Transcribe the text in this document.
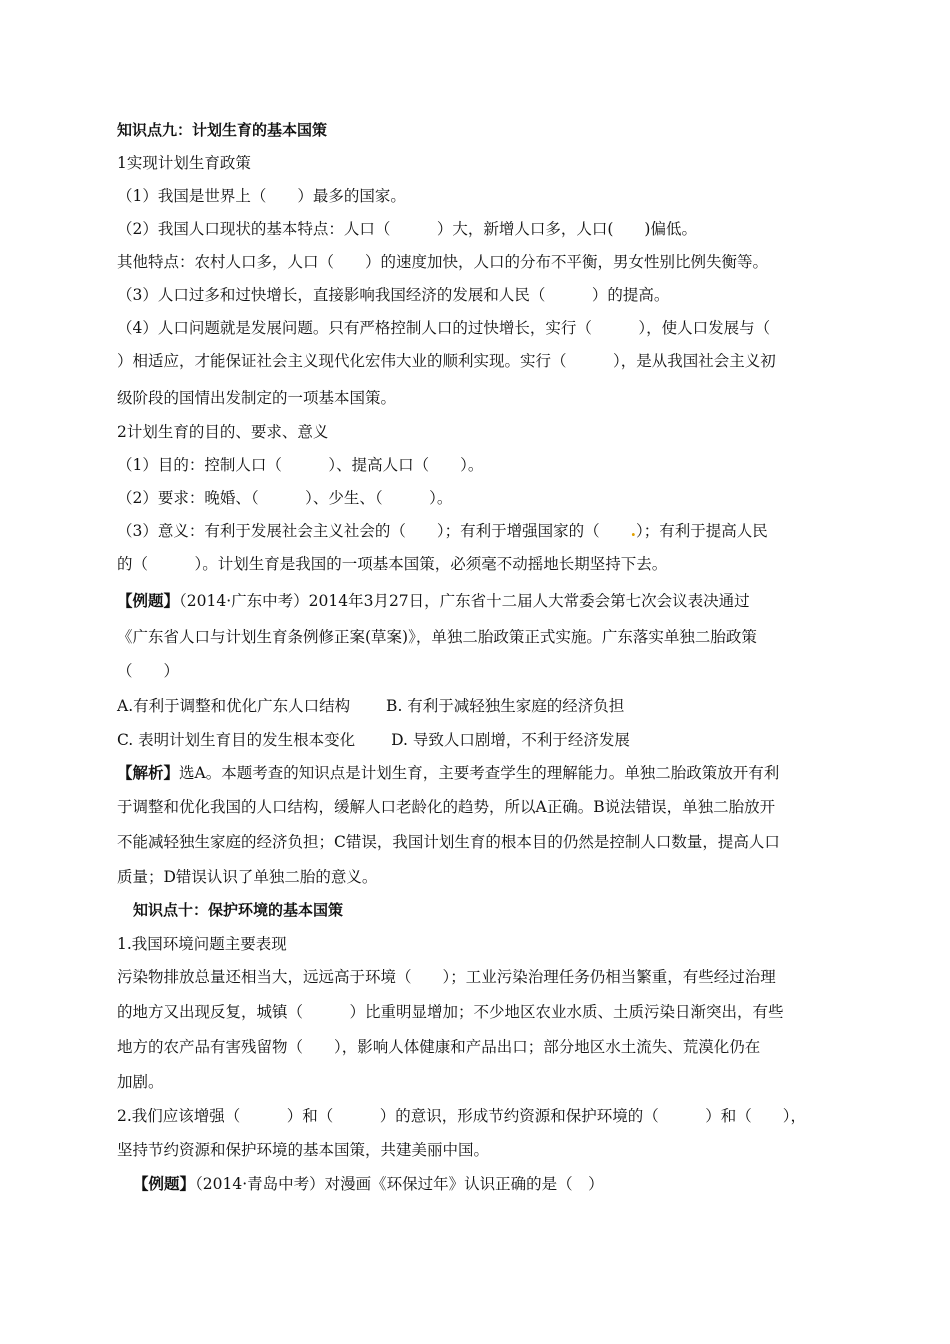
知识点九：计划生育的基本国策
1实现计划生育政策
（1）我国是世界上（　　）最多的国家。
（2）我国人口现状的基本特点：人口（　　　）大，新增人口多，人口(　　)偏低。
其他特点：农村人口多，人口（　　）的速度加快，人口的分布不平衡，男女性别比例失衡等。
（3）人口过多和过快增长，直接影响我国经济的发展和人民（　　　）的提高。
（4）人口问题就是发展问题。只有严格控制人口的过快增长，实行（　　　），使人口发展与（
）相适应，才能保证社会主义现代化宏伟大业的顺利实现。实行（　　　），是从我国社会主义初
级阶段的国情出发制定的一项基本国策。
2计划生育的目的、要求、意义
（1）目的：控制人口（　　　）、提高人口（　　）。
（2）要求：晚婚、（　　　）、少生、（　　　）。
（3）意义：有利于发展社会主义社会的（　　）；有利于增强国家的（　　.）；有利于提高人民
的（　　　）。计划生育是我国的一项基本国策，必须毫不动摇地长期坚持下去。
【例题】（2014·广东中考）2014年3月27日，广东省十二届人大常委会第七次会议表决通过
《广东省人口与计划生育条例修正案(草案)》，单独二胎政策正式实施。广东落实单独二胎政策
（　　）
A.有利于调整和优化广东人口结构　　 B. 有利于减轻独生家庭的经济负担
C. 表明计划生育目的发生根本变化　　 D. 导致人口剧增，不利于经济发展
【解析】选A。本题考查的知识点是计划生育，主要考查学生的理解能力。单独二胎政策放开有利
于调整和优化我国的人口结构，缓解人口老龄化的趋势，所以A正确。B说法错误，单独二胎放开
不能减轻独生家庭的经济负担；C错误，我国计划生育的根本目的仍然是控制人口数量，提高人口
质量；D错误认识了单独二胎的意义。
知识点十：保护环境的基本国策
1.我国环境问题主要表现
污染物排放总量还相当大，远远高于环境（　　）；工业污染治理任务仍相当繁重，有些经过治理
的地方又出现反复，城镇（　　　）比重明显增加；不少地区农业水质、土质污染日渐突出，有些
地方的农产品有害残留物（　　），影响人体健康和产品出口；部分地区水土流失、荒漠化仍在
加剧。
2.我们应该增强（　　　）和（　　　）的意识，形成节约资源和保护环境的（　　　）和（　　），
坚持节约资源和保护环境的基本国策，共建美丽中国。
【例题】（2014·青岛中考）对漫画《环保过年》认识正确的是（　）
